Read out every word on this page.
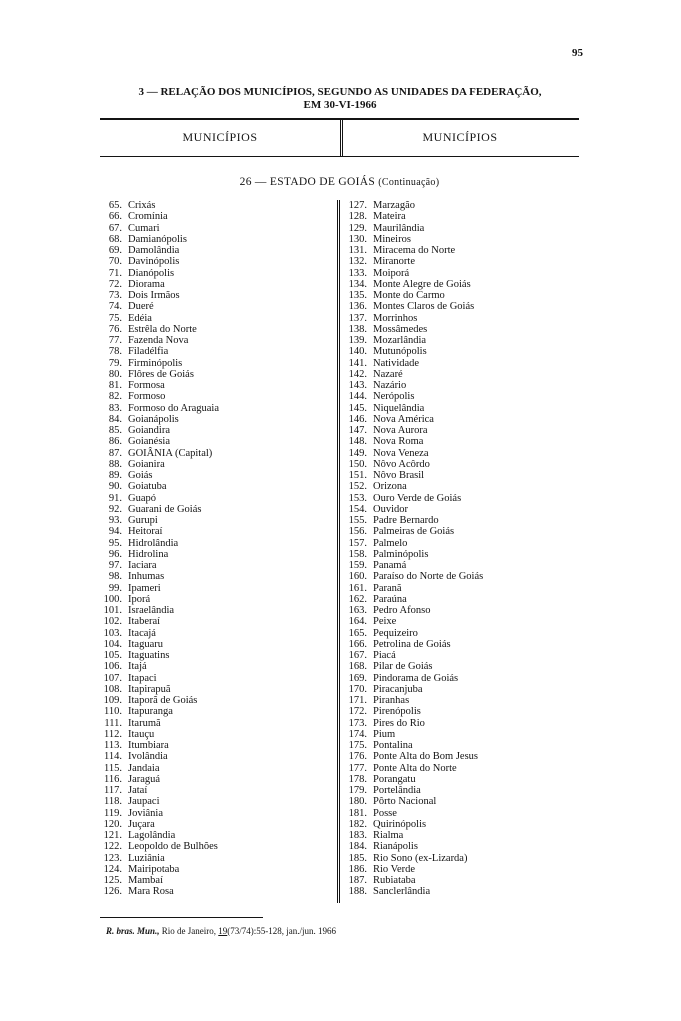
95
3 — RELAÇÃO DOS MUNICÍPIOS, SEGUNDO AS UNIDADES DA FEDERAÇÃO,
EM 30-VI-1966
MUNICÍPIOS	MUNICÍPIOS
26 — ESTADO DE GOIÁS (Continuação)
65. Crixás
66. Cromínia
67. Cumari
68. Damianópolis
69. Damolândia
70. Davinópolis
71. Dianópolis
72. Diorama
73. Dois Irmãos
74. Dueré
75. Edéia
76. Estrêla do Norte
77. Fazenda Nova
78. Filadélfia
79. Firminópolis
80. Flôres de Goiás
81. Formosa
82. Formoso
83. Formoso do Araguaia
84. Goianápolis
85. Goiandira
86. Goianésia
87. GOIÂNIA (Capital)
88. Goianira
89. Goiás
90. Goiatuba
91. Guapó
92. Guarani de Goiás
93. Gurupi
94. Heitoraí
95. Hidrolândia
96. Hidrolina
97. Iaciara
98. Inhumas
99. Ipameri
100. Iporá
101. Israelândia
102. Itaberaí
103. Itacajá
104. Itaguaru
105. Itaguatins
106. Itajá
107. Itapaci
108. Itapirapuã
109. Itaporã de Goiás
110. Itapuranga
111. Itarumã
112. Itauçu
113. Itumbiara
114. Ivolândia
115. Jandaia
116. Jaraguá
117. Jataí
118. Jaupaci
119. Joviânia
120. Juçara
121. Lagolândia
122. Leopoldo de Bulhões
123. Luziânia
124. Mairipotaba
125. Mambaí
126. Mara Rosa
127. Marzagão
128. Mateira
129. Maurilândia
130. Mineiros
131. Miracema do Norte
132. Miranorte
133. Moiporá
134. Monte Alegre de Goiás
135. Monte do Carmo
136. Montes Claros de Goiás
137. Morrinhos
138. Mossâmedes
139. Mozarlândia
140. Mutunópolis
141. Natividade
142. Nazaré
143. Nazário
144. Nerópolis
145. Niquelândia
146. Nova América
147. Nova Aurora
148. Nova Roma
149. Nova Veneza
150. Nôvo Acôrdo
151. Nôvo Brasil
152. Orizona
153. Ouro Verde de Goiás
154. Ouvidor
155. Padre Bernardo
156. Palmeiras de Goiás
157. Palmelo
158. Palminópolis
159. Panamá
160. Paraíso do Norte de Goiás
161. Paranã
162. Paraúna
163. Pedro Afonso
164. Peixe
165. Pequizeiro
166. Petrolina de Goiás
167. Piacá
168. Pilar de Goiás
169. Pindorama de Goiás
170. Piracanjuba
171. Piranhas
172. Pirenópolis
173. Pires do Rio
174. Pium
175. Pontalina
176. Ponte Alta do Bom Jesus
177. Ponte Alta do Norte
178. Porangatu
179. Portelândia
180. Pôrto Nacional
181. Posse
182. Quirinópolis
183. Rialma
184. Rianápolis
185. Rio Sono (ex-Lizarda)
186. Rio Verde
187. Rubiataba
188. Sanclerlândia
R. bras. Mun., Rio de Janeiro, 19(73/74):55-128, jan./jun. 1966
